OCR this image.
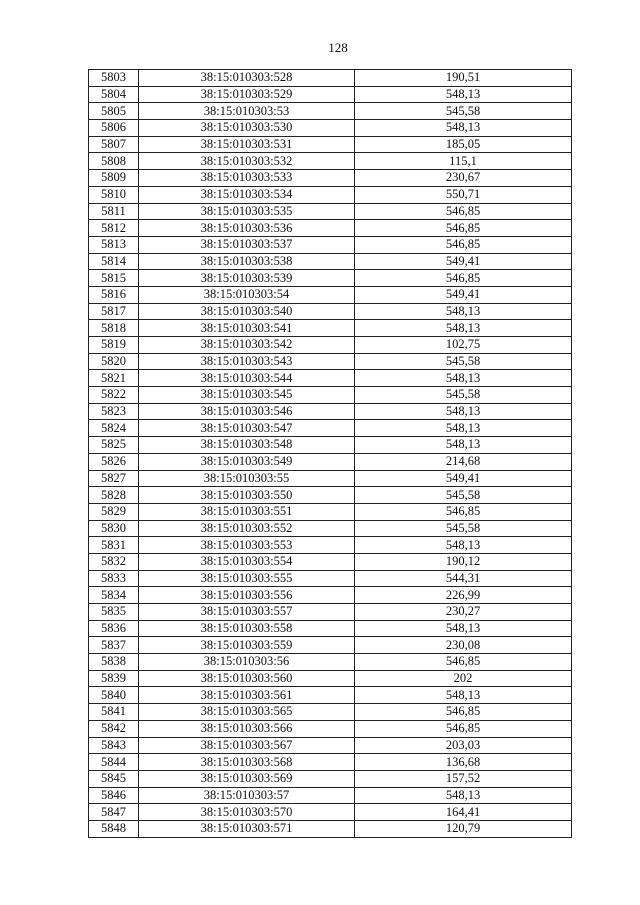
128
5803	38:15:010303:528	190,51
5804	38:15:010303:529	548,13
5805	38:15:010303:53	545,58
5806	38:15:010303:530	548,13
5807	38:15:010303:531	185,05
5808	38:15:010303:532	115,1
5809	38:15:010303:533	230,67
5810	38:15:010303:534	550,71
5811	38:15:010303:535	546,85
5812	38:15:010303:536	546,85
5813	38:15:010303:537	546,85
5814	38:15:010303:538	549,41
5815	38:15:010303:539	546,85
5816	38:15:010303:54	549,41
5817	38:15:010303:540	548,13
5818	38:15:010303:541	548,13
5819	38:15:010303:542	102,75
5820	38:15:010303:543	545,58
5821	38:15:010303:544	548,13
5822	38:15:010303:545	545,58
5823	38:15:010303:546	548,13
5824	38:15:010303:547	548,13
5825	38:15:010303:548	548,13
5826	38:15:010303:549	214,68
5827	38:15:010303:55	549,41
5828	38:15:010303:550	545,58
5829	38:15:010303:551	546,85
5830	38:15:010303:552	545,58
5831	38:15:010303:553	548,13
5832	38:15:010303:554	190,12
5833	38:15:010303:555	544,31
5834	38:15:010303:556	226,99
5835	38:15:010303:557	230,27
5836	38:15:010303:558	548,13
5837	38:15:010303:559	230,08
5838	38:15:010303:56	546,85
5839	38:15:010303:560	202
5840	38:15:010303:561	548,13
5841	38:15:010303:565	546,85
5842	38:15:010303:566	546,85
5843	38:15:010303:567	203,03
5844	38:15:010303:568	136,68
5845	38:15:010303:569	157,52
5846	38:15:010303:57	548,13
5847	38:15:010303:570	164,41
5848	38:15:010303:571	120,79
